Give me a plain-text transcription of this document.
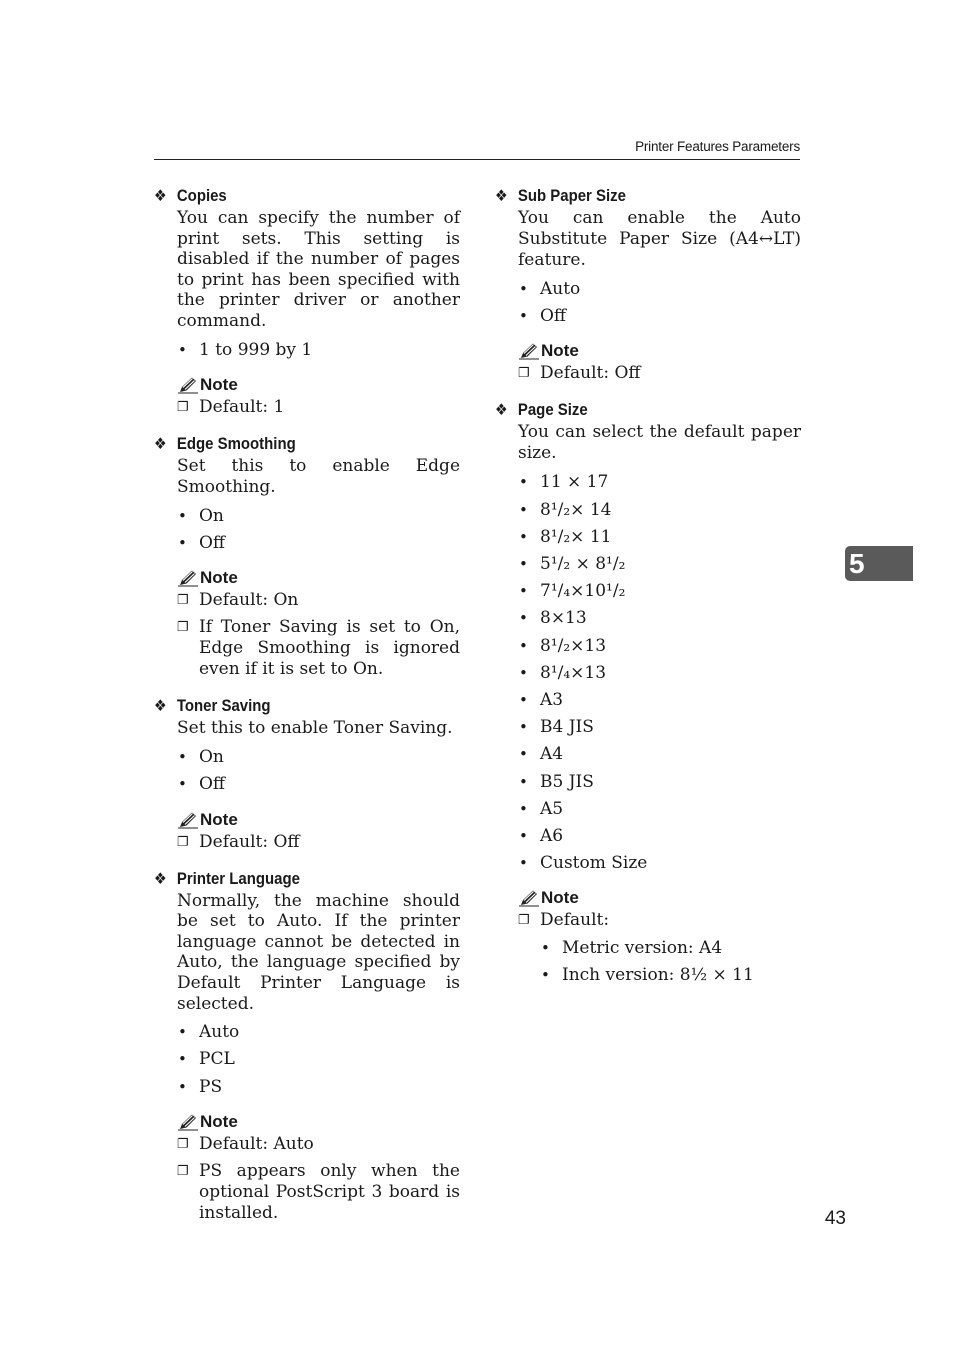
Printer Features Parameters
❖ Copies

You can specify the number of print sets. This setting is disabled if the number of pages to print has been specified with the printer driver or another command.

• 1 to 999 by 1
Note
❐ Default: 1
❖ Edge Smoothing

Set this to enable Edge Smoothing.

• On
• Off
Note
❐ Default: On
❐ If Toner Saving is set to On, Edge Smoothing is ignored even if it is set to On.
❖ Toner Saving

Set this to enable Toner Saving.

• On
• Off
Note
❐ Default: Off
❖ Printer Language

Normally, the machine should be set to Auto. If the printer language cannot be detected in Auto, the language specified by Default Printer Language is selected.

• Auto
• PCL
• PS
Note
❐ Default: Auto
❐ PS appears only when the optional PostScript 3 board is installed.
❖ Sub Paper Size

You can enable the Auto Substitute Paper Size (A4↔LT) feature.

• Auto
• Off
Note
❐ Default: Off
❖ Page Size

You can select the default paper size.

• 11 × 17
• 8¹/₂× 14
• 8¹/₂× 11
• 5¹/₂ × 8¹/₂
• 7¹/₄×10¹/₂
• 8×13
• 8¹/₂×13
• 8¹/₄×13
• A3
• B4 JIS
• A4
• B5 JIS
• A5
• A6
• Custom Size
Note
❐ Default:
• Metric version: A4
• Inch version: 8½ × 11
5
43
